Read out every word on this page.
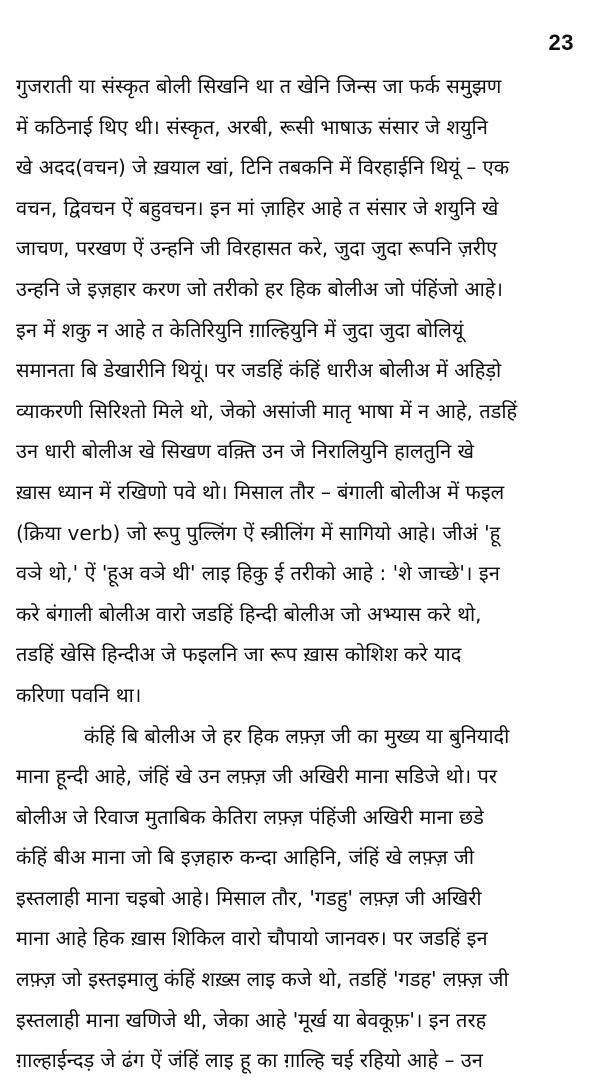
23
गुजराती या संस्कृत बोली सिखनि था त खेनि जिन्स जा फर्क समुझण
में कठिनाई थिए थी। संस्कृत, अरबी, रूसी भाषाऊ संसार जे शयुनि
खे अदद(वचन) जे ख़याल खां, टिनि तबकनि में विरहाईनि थियूं – एक
वचन, द्विवचन ऐं बहुवचन। इन मां ज़ाहिर आहे त संसार जे शयुनि खे
जाचण, परखण ऐं उन्हनि जी विरहासत करे, जुदा जुदा रूपनि ज़रीए
उन्हनि जे इज़हार करण जो तरीको हर हिक बोलीअ जो पंहिंजो आहे।
इन में शकु न आहे त केतिरियुनि ग़ाल्हियुनि में जुदा जुदा बोलियूं
समानता बि डेखारीनि थियूं। पर जडहिं कंहिं धारीअ बोलीअ में अहिड़ो
व्याकरणी सिरिश्तो मिले थो, जेको असांजी मातृ भाषा में न आहे, तडहिं
उन धारी बोलीअ खे सिखण वक़्ति उन जे निरालियुनि हालतुनि खे
ख़ास ध्यान में रखिणो पवे थो। मिसाल तौर – बंगाली बोलीअ में फइल
(क्रिया verb) जो रूपु पुल्लिंग ऐं स्त्रीलिंग में सागियो आहे। जीअं 'हू
वञे थो,' ऐं 'हूअ वञे थी' लाइ हिकु ई तरीको आहे : 'शे जाच्छे'। इन
करे बंगाली बोलीअ वारो जडहिं हिन्दी बोलीअ जो अभ्यास करे थो,
तडहिं खेसि हिन्दीअ जे फइलनि जा रूप ख़ास कोशिश करे याद
करिणा पवनि था।
कंहिं बि बोलीअ जे हर हिक लफ़्ज़ जी का मुख्य या बुनियादी
माना हून्दी आहे, जंहिं खे उन लफ़्ज़ जी अखिरी माना सडिजे थो। पर
बोलीअ जे रिवाज मुताबिक केतिरा लफ़्ज़ पंहिंजी अखिरी माना छडे
कंहिं बीअ माना जो बि इज़हारु कन्दा आहिनि, जंहिं खे लफ़्ज़ जी
इस्तलाही माना चइबो आहे। मिसाल तौर, 'गडहु' लफ़्ज़ जी अखिरी
माना आहे हिक ख़ास शिकिल वारो चौपायो जानवरु। पर जडहिं इन
लफ़्ज़ जो इस्तइमालु कंहिं शख़्स लाइ कजे थो, तडहिं 'गडह' लफ़्ज़ जी
इस्तलाही माना खणिजे थी, जेका आहे 'मूर्ख या बेवकूफ़'। इन तरह
ग़ाल्हाईन्दड़ जे ढंग ऐं जंहिं लाइ हू का ग़ाल्हि चई रहियो आहे – उन
